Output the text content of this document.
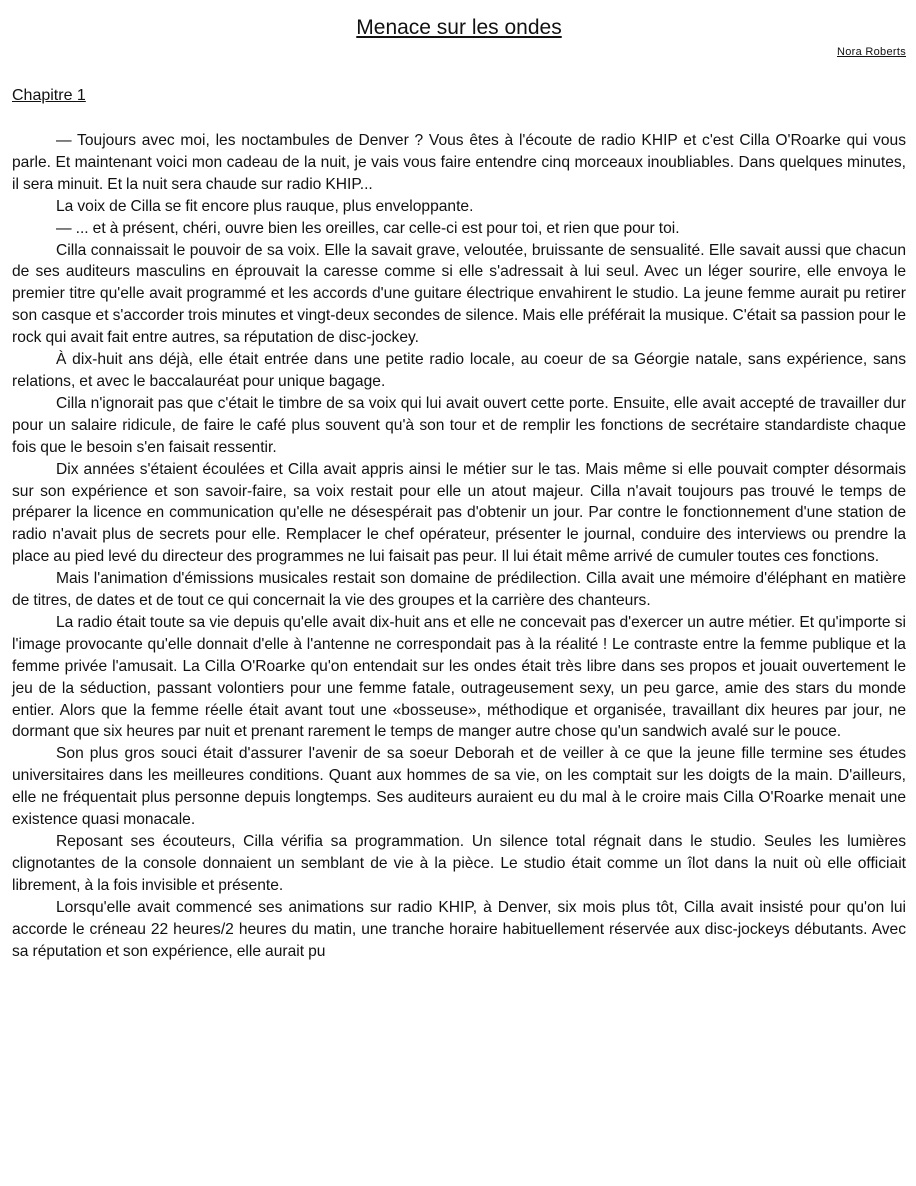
Menace sur les ondes
Nora Roberts
Chapitre 1

— Toujours avec moi, les noctambules de Denver ? Vous êtes à l'écoute de radio KHIP et c'est Cilla O'Roarke qui vous parle. Et maintenant voici mon cadeau de la nuit, je vais vous faire entendre cinq morceaux inoubliables. Dans quelques minutes, il sera minuit. Et la nuit sera chaude sur radio KHIP...

La voix de Cilla se fit encore plus rauque, plus enveloppante.

— ... et à présent, chéri, ouvre bien les oreilles, car celle-ci est pour toi, et rien que pour toi.

Cilla connaissait le pouvoir de sa voix. Elle la savait grave, veloutée, bruissante de sensualité. Elle savait aussi que chacun de ses auditeurs masculins en éprouvait la caresse comme si elle s'adressait à lui seul. Avec un léger sourire, elle envoya le premier titre qu'elle avait programmé et les accords d'une guitare électrique envahirent le studio. La jeune femme aurait pu retirer son casque et s'accorder trois minutes et vingt-deux secondes de silence. Mais elle préférait la musique. C'était sa passion pour le rock qui avait fait entre autres, sa réputation de disc-jockey.

À dix-huit ans déjà, elle était entrée dans une petite radio locale, au coeur de sa Géorgie natale, sans expérience, sans relations, et avec le baccalauréat pour unique bagage.

Cilla n'ignorait pas que c'était le timbre de sa voix qui lui avait ouvert cette porte. Ensuite, elle avait accepté de travailler dur pour un salaire ridicule, de faire le café plus souvent qu'à son tour et de remplir les fonctions de secrétaire standardiste chaque fois que le besoin s'en faisait ressentir.

Dix années s'étaient écoulées et Cilla avait appris ainsi le métier sur le tas. Mais même si elle pouvait compter désormais sur son expérience et son savoir-faire, sa voix restait pour elle un atout majeur. Cilla n'avait toujours pas trouvé le temps de préparer la licence en communication qu'elle ne désespérait pas d'obtenir un jour. Par contre le fonctionnement d'une station de radio n'avait plus de secrets pour elle. Remplacer le chef opérateur, présenter le journal, conduire des interviews ou prendre la place au pied levé du directeur des programmes ne lui faisait pas peur. Il lui était même arrivé de cumuler toutes ces fonctions.

Mais l'animation d'émissions musicales restait son domaine de prédilection. Cilla avait une mémoire d'éléphant en matière de titres, de dates et de tout ce qui concernait la vie des groupes et la carrière des chanteurs.

La radio était toute sa vie depuis qu'elle avait dix-huit ans et elle ne concevait pas d'exercer un autre métier. Et qu'importe si l'image provocante qu'elle donnait d'elle à l'antenne ne correspondait pas à la réalité ! Le contraste entre la femme publique et la femme privée l'amusait. La Cilla O'Roarke qu'on entendait sur les ondes était très libre dans ses propos et jouait ouvertement le jeu de la séduction, passant volontiers pour une femme fatale, outrageusement sexy, un peu garce, amie des stars du monde entier. Alors que la femme réelle était avant tout une «bosseuse», méthodique et organisée, travaillant dix heures par jour, ne dormant que six heures par nuit et prenant rarement le temps de manger autre chose qu'un sandwich avalé sur le pouce.

Son plus gros souci était d'assurer l'avenir de sa soeur Deborah et de veiller à ce que la jeune fille termine ses études universitaires dans les meilleures conditions. Quant aux hommes de sa vie, on les comptait sur les doigts de la main. D'ailleurs, elle ne fréquentait plus personne depuis longtemps. Ses auditeurs auraient eu du mal à le croire mais Cilla O'Roarke menait une existence quasi monacale.

Reposant ses écouteurs, Cilla vérifia sa programmation. Un silence total régnait dans le studio. Seules les lumières clignotantes de la console donnaient un semblant de vie à la pièce. Le studio était comme un îlot dans la nuit où elle officiait librement, à la fois invisible et présente.

Lorsqu'elle avait commencé ses animations sur radio KHIP, à Denver, six mois plus tôt, Cilla avait insisté pour qu'on lui accorde le créneau 22 heures/2 heures du matin, une tranche horaire habituellement réservée aux disc-jockeys débutants. Avec sa réputation et son expérience, elle aurait pu
